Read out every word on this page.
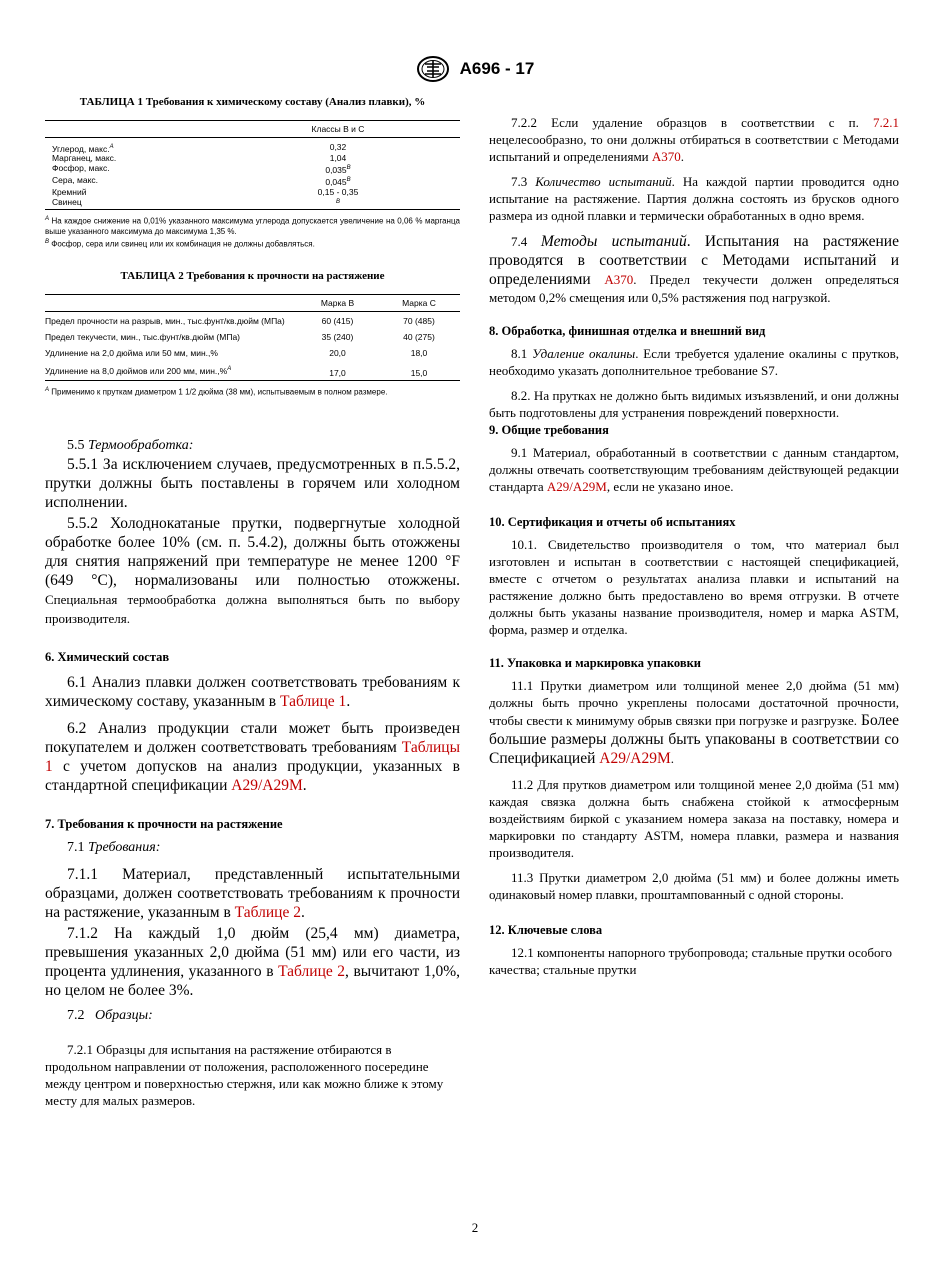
A696 - 17

ТАБЛИЦА 1 Требования к химическому составу (Анализ плавки), %

	Классы B и C

Углерод, макс.$^A$	0,32
Марганец, макс.	1,04
Фосфор, макс.	$0,035^B$
Сера, макс.	$0,045^B$
Кремний	0,15 - 0,35
Свинец	$^B$

$^A$ На каждое снижение на 0,01% указанного максимума углерода допускается увеличение на 0,06 % марганца выше указанного максимума до максимума 1,35 %.

$^B$ Фосфор, сера или свинец или их комбинация не должны добавляться.

ТАБЛИЦА 2 Требования к прочности на растяжение

	Марка B	Марка C
Предел прочности на разрыв, мин., тыс.фунт/кв.дюйм (МПа)	60 (415)	70 (485)
Предел текучести, мин., тыс.фунт/кв.дюйм (МПа)	35 (240)	40 (275)
Удлинение на 2,0 дюйма или 50 мм, мин.,%	20,0	18,0
Удлинение на 8,0 дюймов или 200 мм, мин.,%$^A$	17,0	15,0

$^A$ Применимо к пруткам диаметром 1 1/2 дюйма (38 мм), испытываемым в полном размере.

5.5 Термообработка:

5.5.1 За исключением случаев, предусмотренных в п.5.5.2, прутки должны быть поставлены в горячем или холодном исполнении.

5.5.2 Холоднокатаные прутки, подвергнутые холодной обработке более 10% (см. п. 5.4.2), должны быть отожжены для снятия напряжений при температуре не менее 1200 °F (649 °C), нормализованы или полностью отожжены. Специальная термообработка должна выполняться быть по выбору производителя.

6. Химический состав

6.1 Анализ плавки должен соответствовать требованиям к химическому составу, указанным в Таблице 1.

6.2 Анализ продукции стали может быть произведен покупателем и должен соответствовать требованиям Таблицы 1 с учетом допусков на анализ продукции, указанных в стандартной спецификации A29/A29M.

7. Требования к прочности на растяжение

7.1 Требования:

7.1.1 Материал, представленный испытательными образцами, должен соответствовать требованиям к прочности на растяжение, указанным в Таблице 2.

7.1.2 На каждый 1,0 дюйм (25,4 мм) диаметра, превышения указанных 2,0 дюйма (51 мм) или его части, из процента удлинения, указанного в Таблице 2, вычитают 1,0%, но целом не более 3%.

7.2 Образцы:

7.2.1 Образцы для испытания на растяжение отбираются в продольном направлении от положения, расположенного посередине между центром и поверхностью стержня, или как можно ближе к этому месту для малых размеров.

7.2.2 Если удаление образцов в соответствии с п. 7.2.1 нецелесообразно, то они должны отбираться в соответствии с Методами испытаний и определениями A370.

7.3 Количество испытаний. На каждой партии проводится одно испытание на растяжение. Партия должна состоять из брусков одного размера из одной плавки и термически обработанных в одно время.

7.4 Методы испытаний. Испытания на растяжение проводятся в соответствии с Методами испытаний и определениями A370. Предел текучести должен определяться методом 0,2% смещения или 0,5% растяжения под нагрузкой.

8. Обработка, финишная отделка и внешний вид

8.1 Удаление окалины. Если требуется удаление окалины с прутков, необходимо указать дополнительное требование S7.

8.2. На прутках не должно быть видимых изъязвлений, и они должны быть подготовлены для устранения повреждений поверхности.

9. Общие требования

9.1 Материал, обработанный в соответствии с данным стандартом, должны отвечать соответствующим требованиям действующей редакции стандарта A29/A29M, если не указано иное.

10. Сертификация и отчеты об испытаниях

10.1. Свидетельство производителя о том, что материал был изготовлен и испытан в соответствии с настоящей спецификацией, вместе с отчетом о результатах анализа плавки и испытаний на растяжение должно быть предоставлено во время отгрузки. В отчете должны быть указаны название производителя, номер и марка ASTM, форма, размер и отделка.

11. Упаковка и маркировка упаковки

11.1 Прутки диаметром или толщиной менее 2,0 дюйма (51 мм) должны быть прочно укреплены полосами достаточной прочности, чтобы свести к минимуму обрыв связки при погрузке и разгрузке. Более большие размеры должны быть упакованы в соответствии со Спецификацией A29/A29M.

11.2 Для прутков диаметром или толщиной менее 2,0 дюйма (51 мм) каждая связка должна быть снабжена стойкой к атмосферным воздействиям биркой с указанием номера заказа на поставку, номера и маркировки по стандарту ASTM, номера плавки, размера и названия производителя.

11.3 Прутки диаметром 2,0 дюйма (51 мм) и более должны иметь одинаковый номер плавки, проштампованный с одной стороны.

12. Ключевые слова

12.1 компоненты напорного трубопровода; стальные прутки особого качества; стальные прутки

2
